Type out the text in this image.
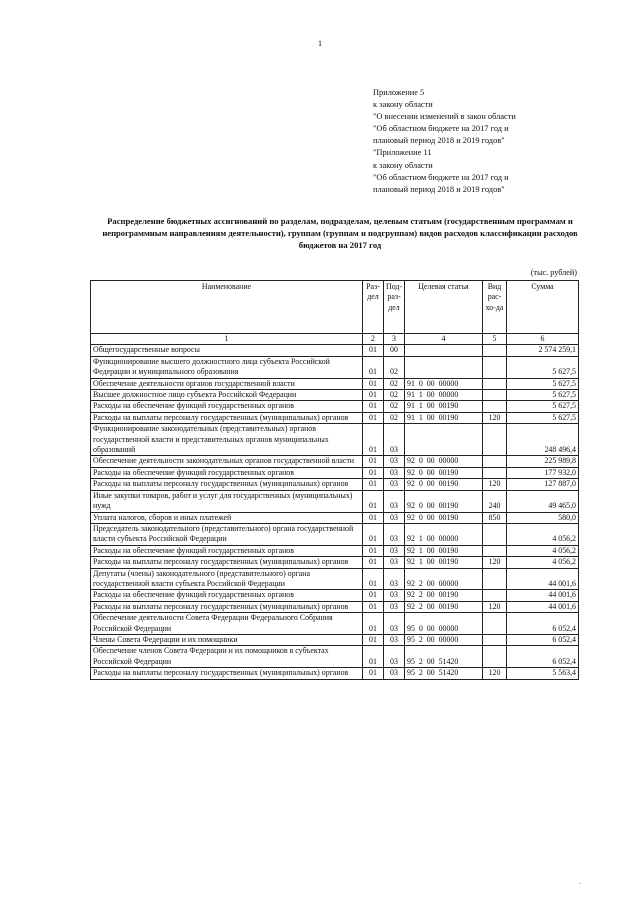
1
Приложение 5
к закону области
"О внесении изменений в закон области
"Об областном бюджете на 2017 год и
плановый период 2018 и 2019 годов"
"Приложение 11
к закону области
"Об областном бюджете на 2017 год и
плановый период 2018 и 2019 годов"
Распределение бюджетных ассигнований по разделам, подразделам, целевым статьям (государственным программам и непрограммным направлениям деятельности), группам (группам и подгруппам) видов расходов классификации расходов бюджетов на 2017 год
(тыс. рублей)
Наименование	Раз-дел	Под-раз-дел	Целевая статья	Вид рас-хо-да	Сумма
1	2	3	4	5	6
Общегосударственные вопросы	01	00			2 574 259,1
Функционирование высшего должностного лица субъекта Российской Федерации и муниципального образования	01	02			5 627,5
Обеспечение деятельности органов государственной власти	01	02	91  0  00  00000		5 627,5
Высшее должностное лицо субъекта Российской Федерации	01	02	91  1  00  00000		5 627,5
Расходы на обеспечение функций государственных органов	01	02	91  1  00  00190		5 627,5
Расходы на выплаты персоналу государственных (муниципальных) органов	01	02	91  1  00  00190	120	5 627,5
Функционирование законодательных (представительных) органов государственной власти и представительных органов муниципальных образований	01	03			248 496,4
Обеспечение деятельности законодательных органов государственной власти	01	03	92  0  00  00000		225 989,8
Расходы на обеспечение функций государственных органов	01	03	92  0  00  00190		177 932,0
Расходы на выплаты персоналу государственных (муниципальных) органов	01	03	92  0  00  00190	120	127 887,0
Иные закупки товаров, работ и услуг для государственных (муниципальных) нужд	01	03	92  0  00  00190	240	49 465,0
Уплата налогов, сборов и иных платежей	01	03	92  0  00  00190	850	580,0
Председатель законодательного (представительного) органа государственной власти субъекта Российской Федерации	01	03	92  1  00  00000		4 056,2
Расходы на обеспечение функций государственных органов	01	03	92  1  00  00190		4 056,2
Расходы на выплаты персоналу государственных (муниципальных) органов	01	03	92  1  00  00190	120	4 056,2
Депутаты (члены) законодательного (представительного) органа государственной власти субъекта Российской Федерации	01	03	92  2  00  00000		44 001,6
Расходы на обеспечение функций государственных органов	01	03	92  2  00  00190		44 001,6
Расходы на выплаты персоналу государственных (муниципальных) органов	01	03	92  2  00  00190	120	44 001,6
Обеспечение деятельности Совета Федерации Федерального Собрания Российской Федерации	01	03	95  0  00  00000		6 052,4
Члены Совета Федерации и их помощники	01	03	95  2  00  00000		6 052,4
Обеспечение членов Совета Федерации и их помощников в субъектах Российской Федерации	01	03	95  2  00  51420		6 052,4
Расходы на выплаты персоналу государственных (муниципальных) органов	01	03	95  2  00  51420	120	5 563,4
·
